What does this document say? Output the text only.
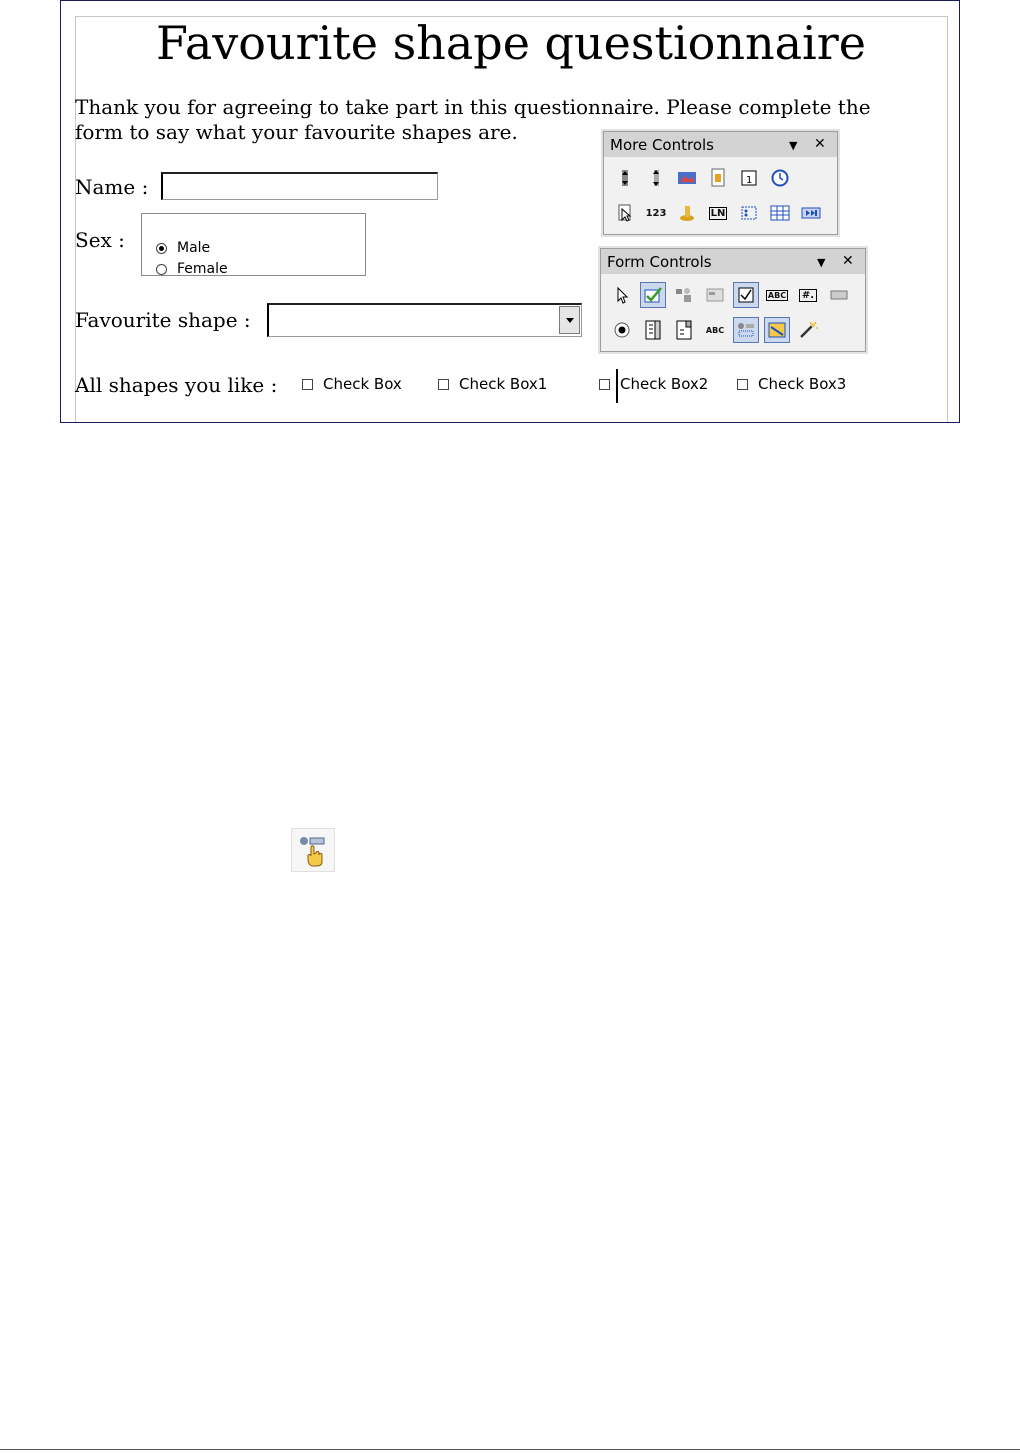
Favourite shape questionnaire
Thank you for agreeing to take part in this questionnaire. Please complete the
form to say what your favourite shapes are.
Name :
Sex :	Male
Female
Favourite shape :
All shapes you like :	Check Box	Check Box1	Check Box2	Check Box3
More Controls	▼ ✕
1
123	LN
Form Controls	▼ ✕
ABC	#.
ABC
